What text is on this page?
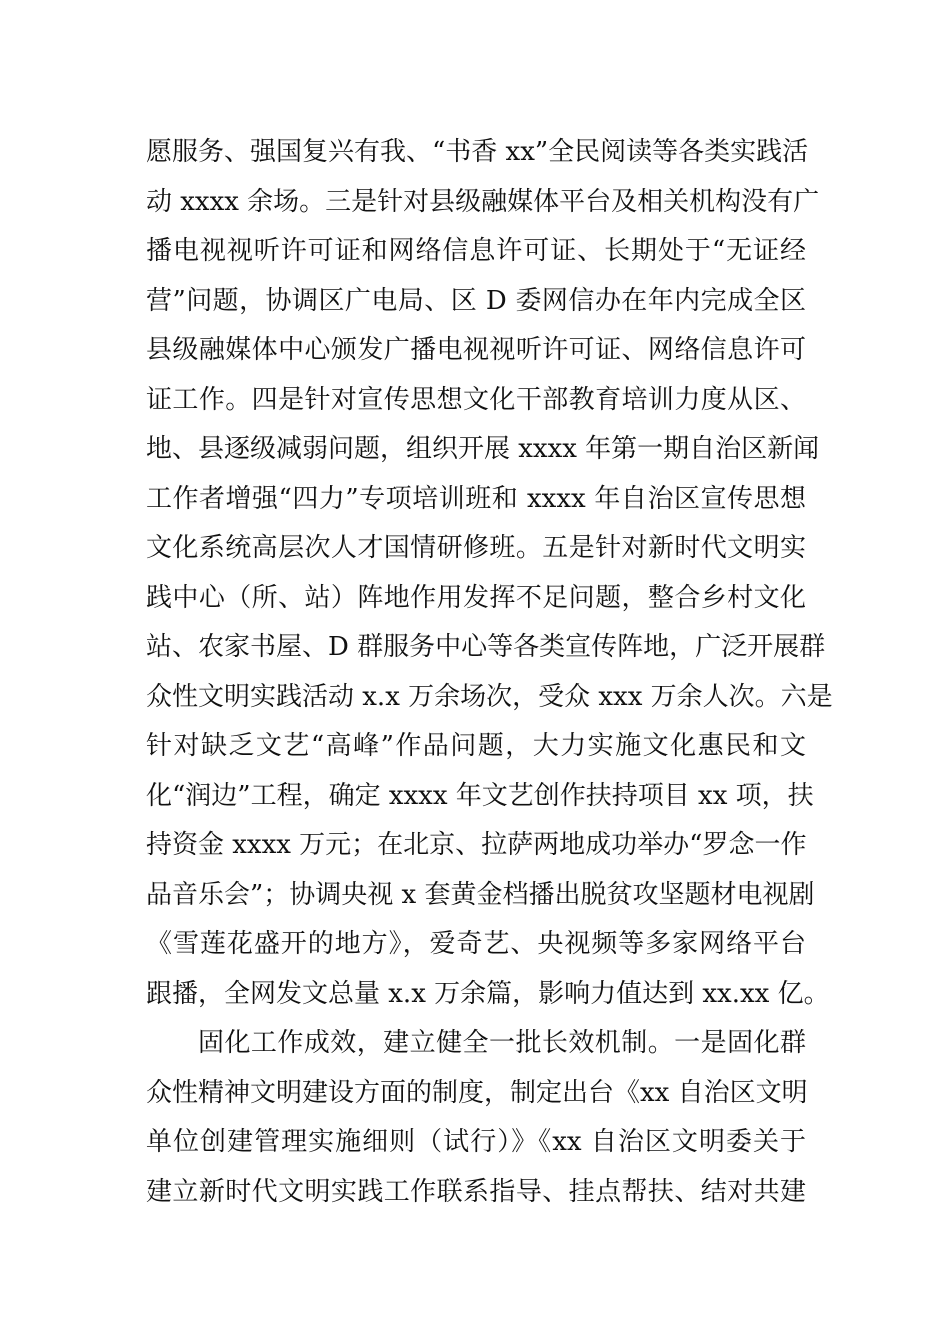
愿服务、强国复兴有我、“书香 xx”全民阅读等各类实践活
动 xxxx 余场。三是针对县级融媒体平台及相关机构没有广
播电视视听许可证和网络信息许可证、长期处于“无证经
营”问题，协调区广电局、区 D 委网信办在年内完成全区
县级融媒体中心颁发广播电视视听许可证、网络信息许可
证工作。四是针对宣传思想文化干部教育培训力度从区、
地、县逐级减弱问题，组织开展 xxxx 年第一期自治区新闻
工作者增强“四力”专项培训班和 xxxx 年自治区宣传思想
文化系统高层次人才国情研修班。五是针对新时代文明实
践中心（所、站）阵地作用发挥不足问题，整合乡村文化
站、农家书屋、D 群服务中心等各类宣传阵地，广泛开展群
众性文明实践活动 x.x 万余场次，受众 xxx 万余人次。六是
针对缺乏文艺“高峰”作品问题，大力实施文化惠民和文
化“润边”工程，确定 xxxx 年文艺创作扶持项目 xx 项，扶
持资金 xxxx 万元；在北京、拉萨两地成功举办“罗念一作
品音乐会”；协调央视 x 套黄金档播出脱贫攻坚题材电视剧
《雪莲花盛开的地方》，爱奇艺、央视频等多家网络平台
跟播，全网发文总量 x.x 万余篇，影响力值达到 xx.xx 亿。
固化工作成效，建立健全一批长效机制。一是固化群
众性精神文明建设方面的制度，制定出台《xx 自治区文明
单位创建管理实施细则（试行）》《xx 自治区文明委关于
建立新时代文明实践工作联系指导、挂点帮扶、结对共建
